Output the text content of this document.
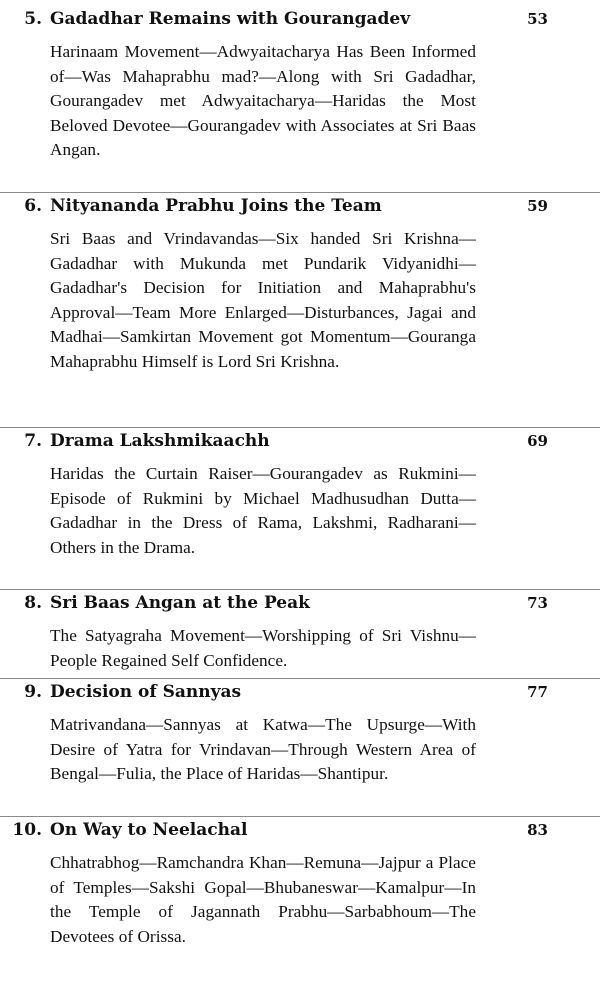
5. Gadadhar Remains with Gourangadev	53
Harinaam Movement—Adwyaitacharya Has Been Informed of—Was Mahaprabhu mad?—Along with Sri Gadadhar, Gourangadev met Adwyaitacharya—Haridas the Most Beloved Devotee—Gourangadev with Associates at Sri Baas Angan.
6. Nityananda Prabhu Joins the Team	59
Sri Baas and Vrindavandas—Six handed Sri Krishna—Gadadhar with Mukunda met Pundarik Vidyanidhi—Gadadhar's Decision for Initiation and Mahaprabhu's Approval—Team More Enlarged—Disturbances, Jagai and Madhai—Samkirtan Movement got Momentum—Gouranga Mahaprabhu Himself is Lord Sri Krishna.
7. Drama Lakshmikaachh	69
Haridas the Curtain Raiser—Gourangadev as Rukmini—Episode of Rukmini by Michael Madhusudhan Dutta—Gadadhar in the Dress of Rama, Lakshmi, Radharani—Others in the Drama.
8. Sri Baas Angan at the Peak	73
The Satyagraha Movement—Worshipping of Sri Vishnu—People Regained Self Confidence.
9. Decision of Sannyas	77
Matrivandana—Sannyas at Katwa—The Upsurge—With Desire of Yatra for Vrindavan—Through Western Area of Bengal—Fulia, the Place of Haridas—Shantipur.
10. On Way to Neelachal	83
Chhatrabhog—Ramchandra Khan—Remuna—Jajpur a Place of Temples—Sakshi Gopal—Bhubaneswar—Kamalpur—In the Temple of Jagannath Prabhu—Sarbabhoum—The Devotees of Orissa.
